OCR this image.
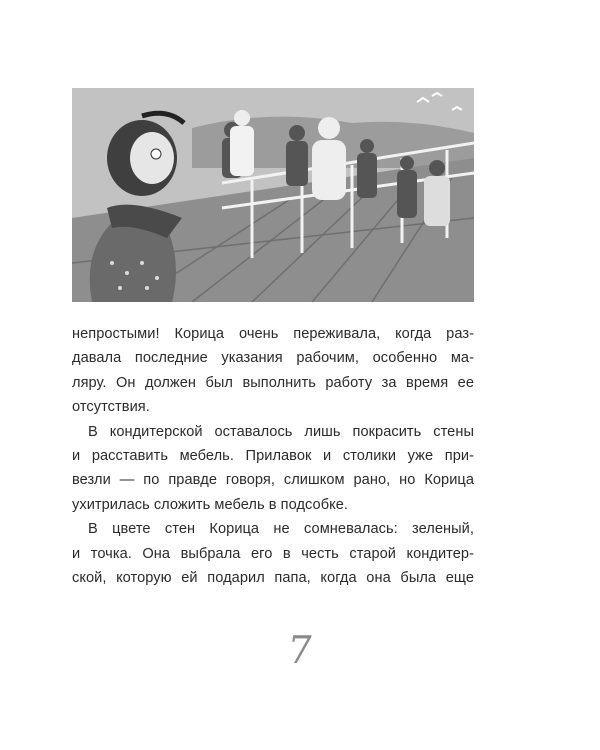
непростыми! Корица очень переживала, когда раз-
давала последние указания рабочим, особенно ма-
ляру. Он должен был выполнить работу за время ее
отсутствия.
В кондитерской оставалось лишь покрасить стены
и расставить мебель. Прилавок и столики уже при-
везли — по правде говоря, слишком рано, но Корица
ухитрилась сложить мебель в подсобке.
В цвете стен Корица не сомневалась: зеленый,
и точка. Она выбрала его в честь старой кондитер-
ской, которую ей подарил папа, когда она была еще
7
